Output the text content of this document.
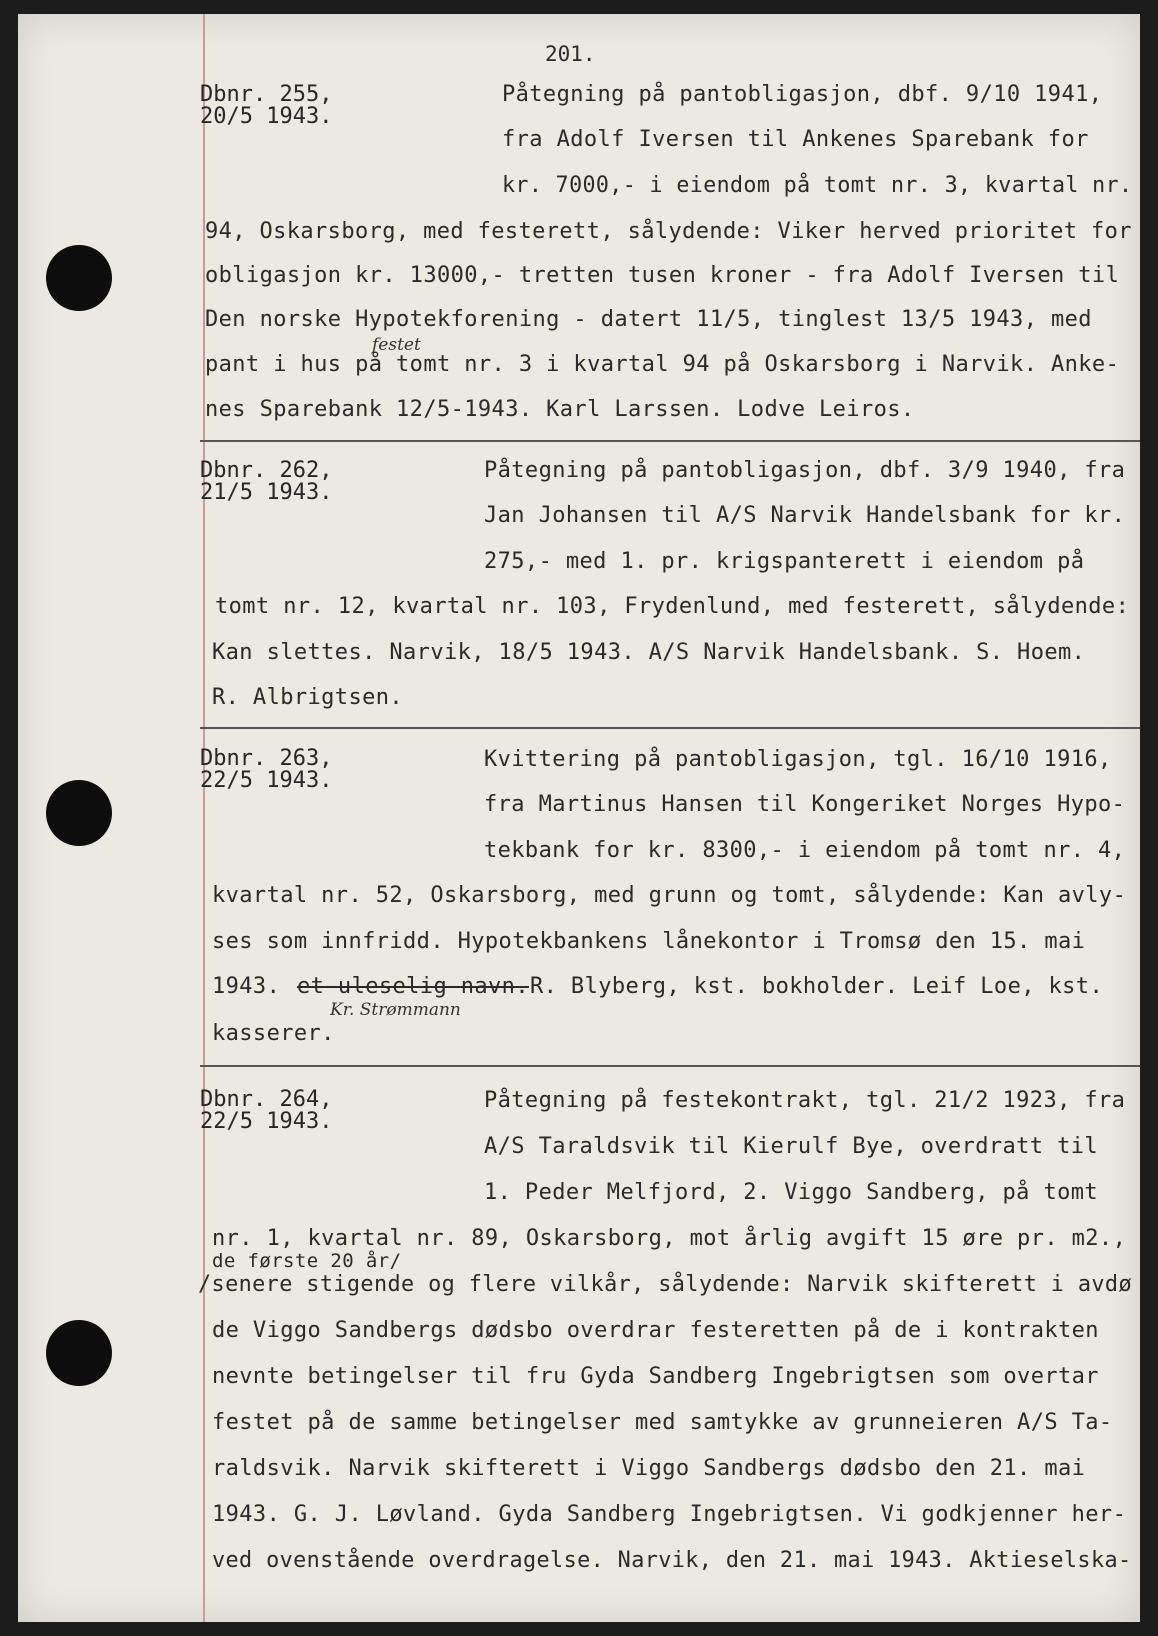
201.
Dbnr. 255,
20/5 1943.
Påtegning på pantobligasjon, dbf. 9/10 1941,
fra Adolf Iversen til Ankenes Sparebank for
kr. 7000,- i eiendom på tomt nr. 3, kvartal nr.
94, Oskarsborg, med festerett, sålydende: Viker herved prioritet for
obligasjon kr. 13000,- tretten tusen kroner - fra Adolf Iversen til
Den norske Hypotekforening - datert 11/5, tinglest 13/5 1943, med
festet
pant i hus på tomt nr. 3 i kvartal 94 på Oskarsborg i Narvik. Anke-
nes Sparebank 12/5-1943. Karl Larssen. Lodve Leiros.
Dbnr. 262,
21/5 1943.
Påtegning på pantobligasjon, dbf. 3/9 1940, fra
Jan Johansen til A/S Narvik Handelsbank for kr.
275,- med 1. pr. krigspanterett i eiendom på
tomt nr. 12, kvartal nr. 103, Frydenlund, med festerett, sålydende:
Kan slettes. Narvik, 18/5 1943. A/S Narvik Handelsbank. S. Hoem.
R. Albrigtsen.
Dbnr. 263,
22/5 1943.
Kvittering på pantobligasjon, tgl. 16/10 1916,
fra Martinus Hansen til Kongeriket Norges Hypo-
tekbank for kr. 8300,- i eiendom på tomt nr. 4,
kvartal nr. 52, Oskarsborg, med grunn og tomt, sålydende: Kan avly-
ses som innfridd. Hypotekbankens lånekontor i Tromsø den 15. mai
1943. et uleselig navn. R. Blyberg, kst. bokholder. Leif Loe, kst.
Kr. Strømmann
kasserer.
Dbnr. 264,
22/5 1943.
Påtegning på festekontrakt, tgl. 21/2 1923, fra
A/S Taraldsvik til Kierulf Bye, overdratt til
1. Peder Melfjord, 2. Viggo Sandberg, på tomt
nr. 1, kvartal nr. 89, Oskarsborg, mot årlig avgift 15 øre pr. m2.,
de første 20 år/
/senere stigende og flere vilkår, sålydende: Narvik skifterett i avdø
de Viggo Sandbergs dødsbo overdrar festeretten på de i kontrakten
nevnte betingelser til fru Gyda Sandberg Ingebrigtsen som overtar
festet på de samme betingelser med samtykke av grunneieren A/S Ta-
raldsvik. Narvik skifterett i Viggo Sandbergs dødsbo den 21. mai
1943. G. J. Løvland. Gyda Sandberg Ingebrigtsen. Vi godkjenner her-
ved ovenstående overdragelse. Narvik, den 21. mai 1943. Aktieselska-
